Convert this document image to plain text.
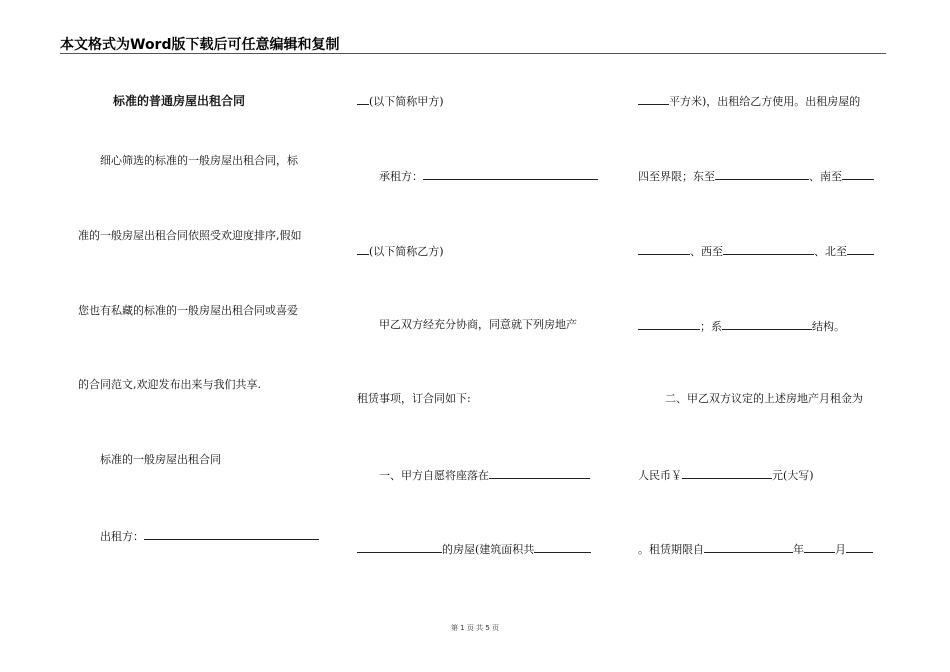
本文格式为Word版下载后可任意编辑和复制
标准的普通房屋出租合同
细心筛选的标准的一般房屋出租合同，标
准的一般房屋出租合同依照受欢迎度排序,假如
您也有私藏的标准的一般房屋出租合同或喜爱
的合同范文,欢迎发布出来与我们共享.
标准的一般房屋出租合同
出租方：
(以下简称甲方)
承租方：
(以下简称乙方)
甲乙双方经充分协商，同意就下列房地产
租赁事项，订合同如下:
一、甲方自愿将座落在
的房屋(建筑面积共
平方米)，出租给乙方使用。出租房屋的
四至界限；东至	、南至
、西至	、北至
；系	结构。
二、甲乙双方议定的上述房地产月租金为
人民币￥	元(大写)
。租赁期限自	年	月
第 1 页 共 5 页
